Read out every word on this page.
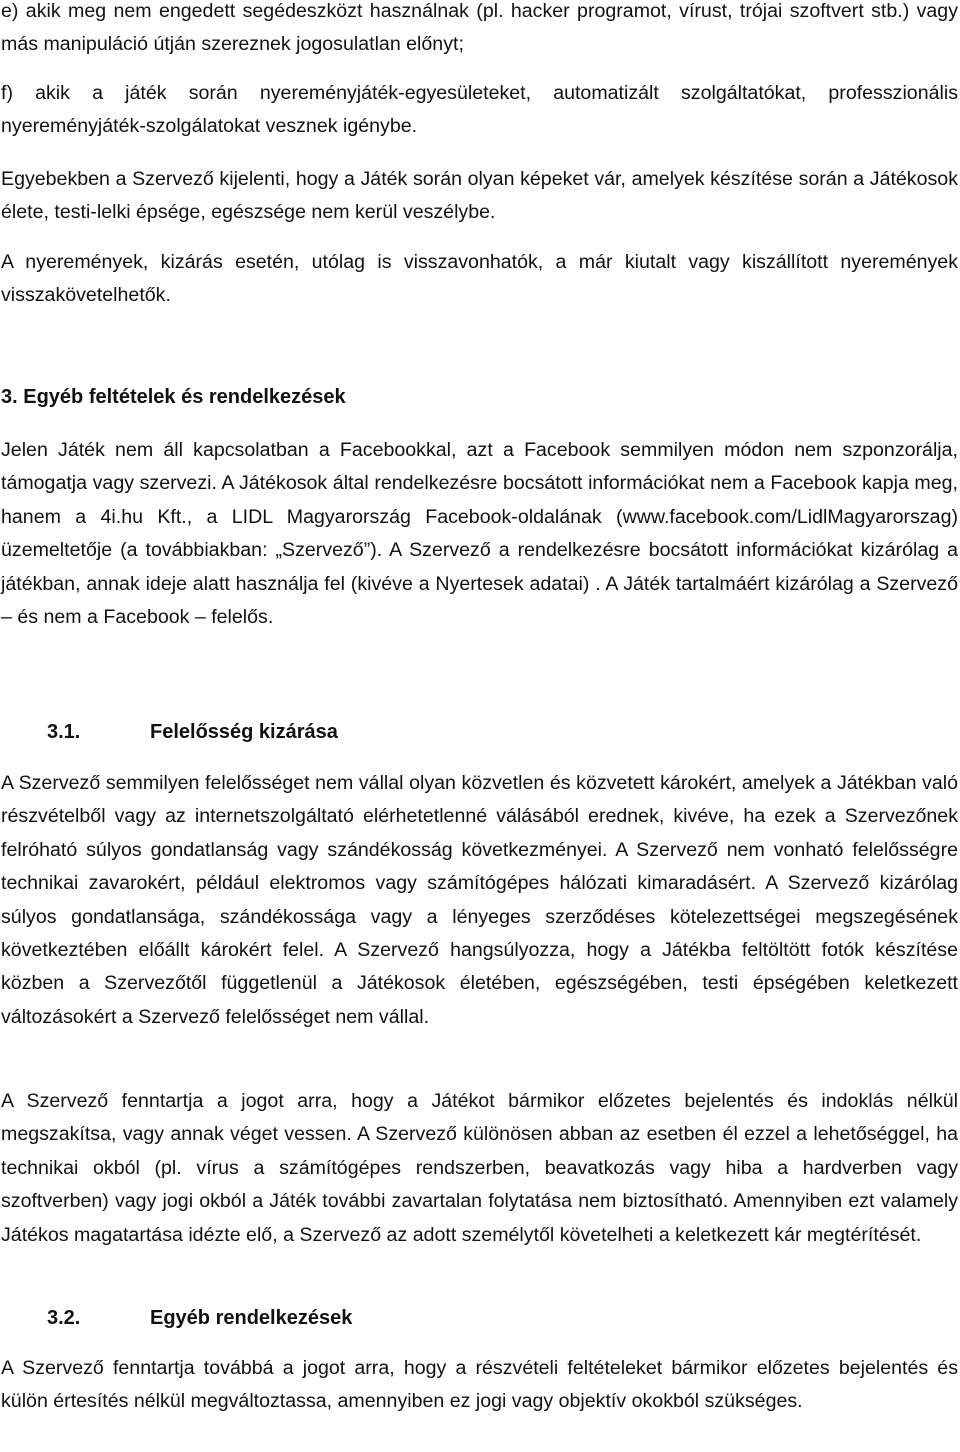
e) akik meg nem engedett segédeszközt használnak (pl. hacker programot, vírust, trójai szoftvert stb.) vagy más manipuláció útján szereznek jogosulatlan előnyt;

f) akik a játék során nyereményjáték-egyesületeket, automatizált szolgáltatókat, professzionális nyereményjáték-szolgálatokat vesznek igénybe.

Egyebekben a Szervező kijelenti, hogy a Játék során olyan képeket vár, amelyek készítése során a Játékosok élete, testi-lelki épsége, egészsége nem kerül veszélybe.

A nyeremények, kizárás esetén, utólag is visszavonhatók, a már kiutalt vagy kiszállított nyeremények visszakövetelhetők.

3. Egyéb feltételek és rendelkezések

Jelen Játék nem áll kapcsolatban a Facebookkal, azt a Facebook semmilyen módon nem szponzorálja, támogatja vagy szervezi. A Játékosok által rendelkezésre bocsátott információkat nem a Facebook kapja meg, hanem a 4i.hu Kft., a LIDL Magyarország Facebook-oldalának (www.facebook.com/LidlMagyarorszag) üzemeltetője (a továbbiakban: „Szervező”). A Szervező a rendelkezésre bocsátott információkat kizárólag a játékban, annak ideje alatt használja fel (kivéve a Nyertesek adatai) . A Játék tartalmáért kizárólag a Szervező – és nem a Facebook – felelős.

3.1.	Felelősség kizárása

A Szervező semmilyen felelősséget nem vállal olyan közvetlen és közvetett károkért, amelyek a Játékban való részvételből vagy az internetszolgáltató elérhetetlenné válásából erednek, kivéve, ha ezek a Szervezőnek felróható súlyos gondatlanság vagy szándékosság következményei. A Szervező nem vonható felelősségre technikai zavarokért, például elektromos vagy számítógépes hálózati kimaradásért. A Szervező kizárólag súlyos gondatlansága, szándékossága vagy a lényeges szerződéses kötelezettségei megszegésének következtében előállt károkért felel. A Szervező hangsúlyozza, hogy a Játékba feltöltött fotók készítése közben a Szervezőtől függetlenül a Játékosok életében, egészségében, testi épségében keletkezett változásokért a Szervező felelősséget nem vállal.

A Szervező fenntartja a jogot arra, hogy a Játékot bármikor előzetes bejelentés és indoklás nélkül megszakítsa, vagy annak véget vessen. A Szervező különösen abban az esetben él ezzel a lehetőséggel, ha technikai okból (pl. vírus a számítógépes rendszerben, beavatkozás vagy hiba a hardverben vagy szoftverben) vagy jogi okból a Játék további zavartalan folytatása nem biztosítható. Amennyiben ezt valamely Játékos magatartása idézte elő, a Szervező az adott személytől követelheti a keletkezett kár megtérítését.

3.2.	Egyéb rendelkezések

A Szervező fenntartja továbbá a jogot arra, hogy a részvételi feltételeket bármikor előzetes bejelentés és külön értesítés nélkül megváltoztassa, amennyiben ez jogi vagy objektív okokból szükséges.
